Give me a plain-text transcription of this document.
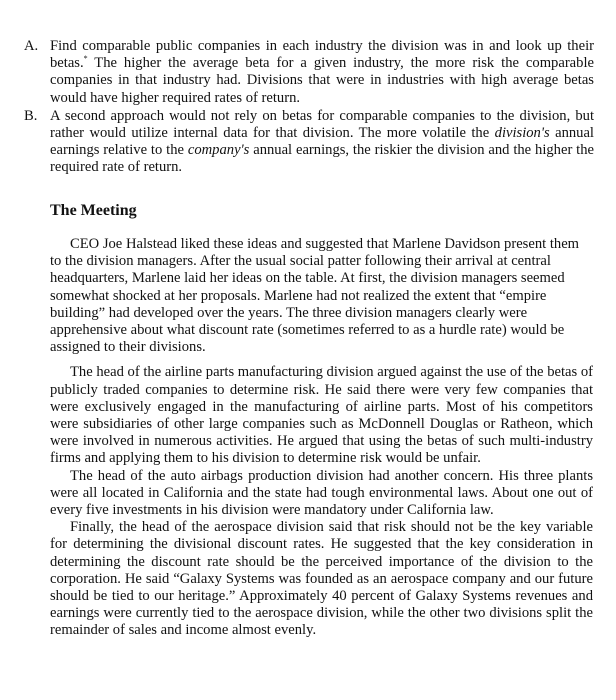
A. Find comparable public companies in each industry the division was in and look up their betas.* The higher the average beta for a given industry, the more risk the comparable companies in that industry had. Divisions that were in industries with high average betas would have higher required rates of return.
B. A second approach would not rely on betas for comparable companies to the division, but rather would utilize internal data for that division. The more volatile the division's annual earnings relative to the company's annual earnings, the riskier the division and the higher the required rate of return.
The Meeting

CEO Joe Halstead liked these ideas and suggested that Marlene Davidson present them to the division managers. After the usual social patter following their arrival at central headquarters, Marlene laid her ideas on the table. At first, the division managers seemed somewhat shocked at her proposals. Marlene had not realized the extent that “empire building” had developed over the years. The three division managers clearly were apprehensive about what discount rate (sometimes referred to as a hurdle rate) would be assigned to their divisions.

The head of the airline parts manufacturing division argued against the use of the betas of publicly traded companies to determine risk. He said there were very few companies that were exclusively engaged in the manufacturing of airline parts. Most of his competitors were subsidiaries of other large companies such as McDonnell Douglas or Ratheon, which were involved in numerous activities. He argued that using the betas of such multi-industry firms and applying them to his division to determine risk would be unfair.

The head of the auto airbags production division had another concern. His three plants were all located in California and the state had tough environmental laws. About one out of every five investments in his division were mandatory under California law.

Finally, the head of the aerospace division said that risk should not be the key variable for determining the divisional discount rates. He suggested that the key consideration in determining the discount rate should be the perceived importance of the division to the corporation. He said “Galaxy Systems was founded as an aerospace company and our future should be tied to our heritage.” Approximately 40 percent of Galaxy Systems revenues and earnings were currently tied to the aerospace division, while the other two divisions split the remainder of sales and income almost evenly.
